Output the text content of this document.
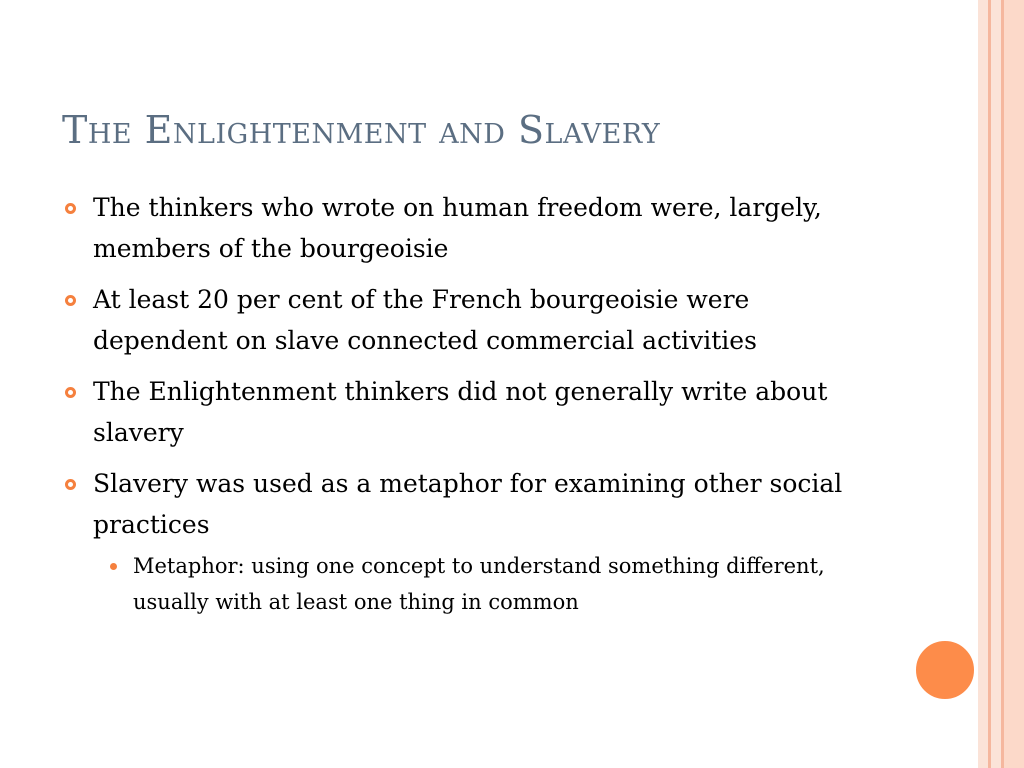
The Enlightenment and Slavery
The thinkers who wrote on human freedom were, largely, members of the bourgeoisie
At least 20 per cent of the French bourgeoisie were dependent on slave connected commercial activities
The Enlightenment thinkers did not generally write about slavery
Slavery was used as a metaphor for examining other social practices
Metaphor: using one concept to understand something different, usually with at least one thing in common
